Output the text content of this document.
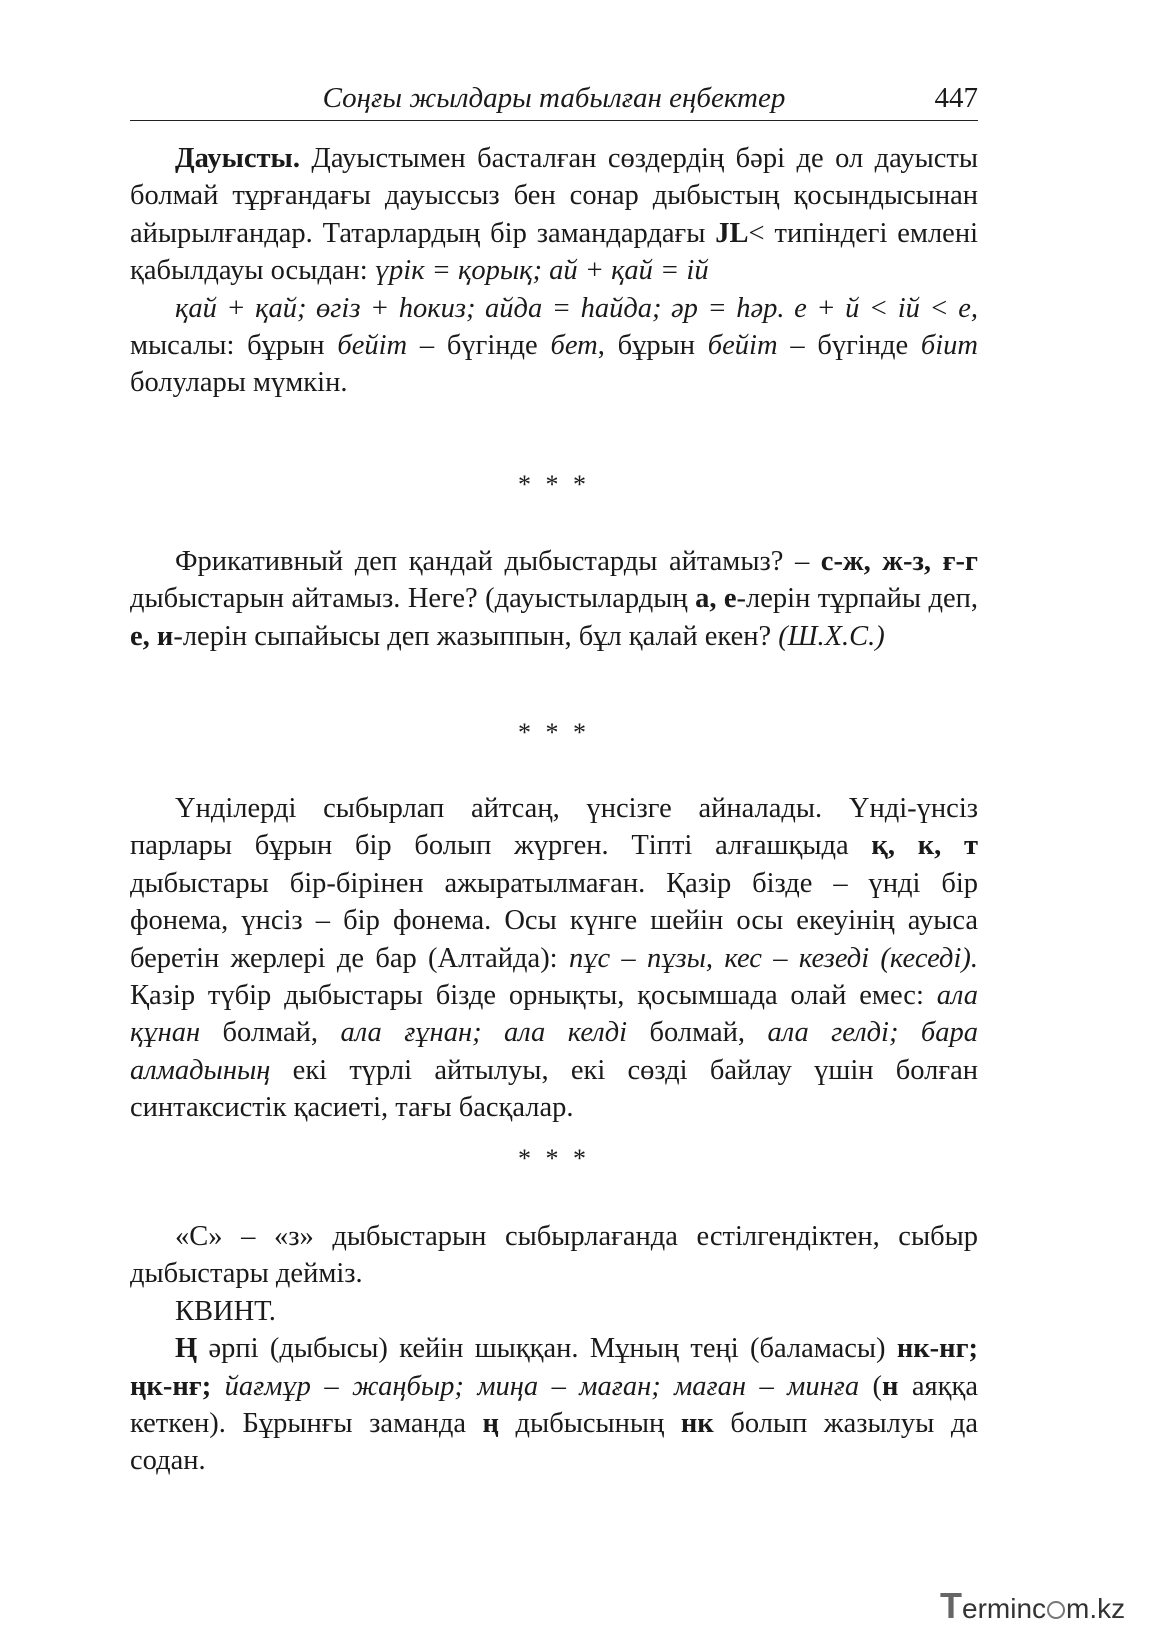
Соңғы жылдары табылған еңбектер	447

Дауысты. Дауыстымен басталған сөздердің бәрі де ол дауысты болмай тұрғандағы дауыссыз бен сонар дыбыстың қосындысынан айырылғандар. Татарлардың бір замандардағы JL< типіндегі емлені қабылдауы осыдан: үрік = қорық; ай + қай = ій

қай + қай; өгіз + һокиз; айда = һайда; әр = һәр. е + й < ій < е, мысалы: бұрын бейіт – бүгінде бет, бұрын бейіт – бүгінде біит болулары мүмкін.

* * *

Фрикативный деп қандай дыбыстарды айтамыз? – с-ж, ж-з, ғ-г дыбыстарын айтамыз. Неге? (дауыстылардың а, е-лерін тұрпайы деп, е, и-лерін сыпайысы деп жазыппын, бұл қалай екен? (Ш.Х.С.)

* * *

Үнділерді сыбырлап айтсаң, үнсізге айналады. Үнді-үнсіз парлары бұрын бір болып жүрген. Тіпті алғашқыда қ, к, т дыбыстары бір-бірінен ажыратылмаған. Қазір бізде – үнді бір фонема, үнсіз – бір фонема. Осы күнге шейін осы екеуінің ауыса беретін жерлері де бар (Алтайда): пұс – пұзы, кес – кезеді (кеседі). Қазір түбір дыбыстары бізде орнықты, қосымшада олай емес: ала құнан болмай, ала ғұнан; ала келді болмай, ала гелді; бара алмадының екі түрлі айтылуы, екі сөзді байлау үшін болған синтаксистік қасиеті, тағы басқалар.

* * *

«С» – «з» дыбыстарын сыбырлағанда естілгендіктен, сыбыр дыбыстары дейміз.

КВИНТ.

Ң әрпі (дыбысы) кейін шыққан. Мұның теңі (баламасы) нк-нг; ңк-нғ; йағмұр – жаңбыр; миңа – маған; маған – минға (н аяққа кеткен). Бұрынғы заманда ң дыбысының нк болып жазылуы да содан.

Terminc m.kz
